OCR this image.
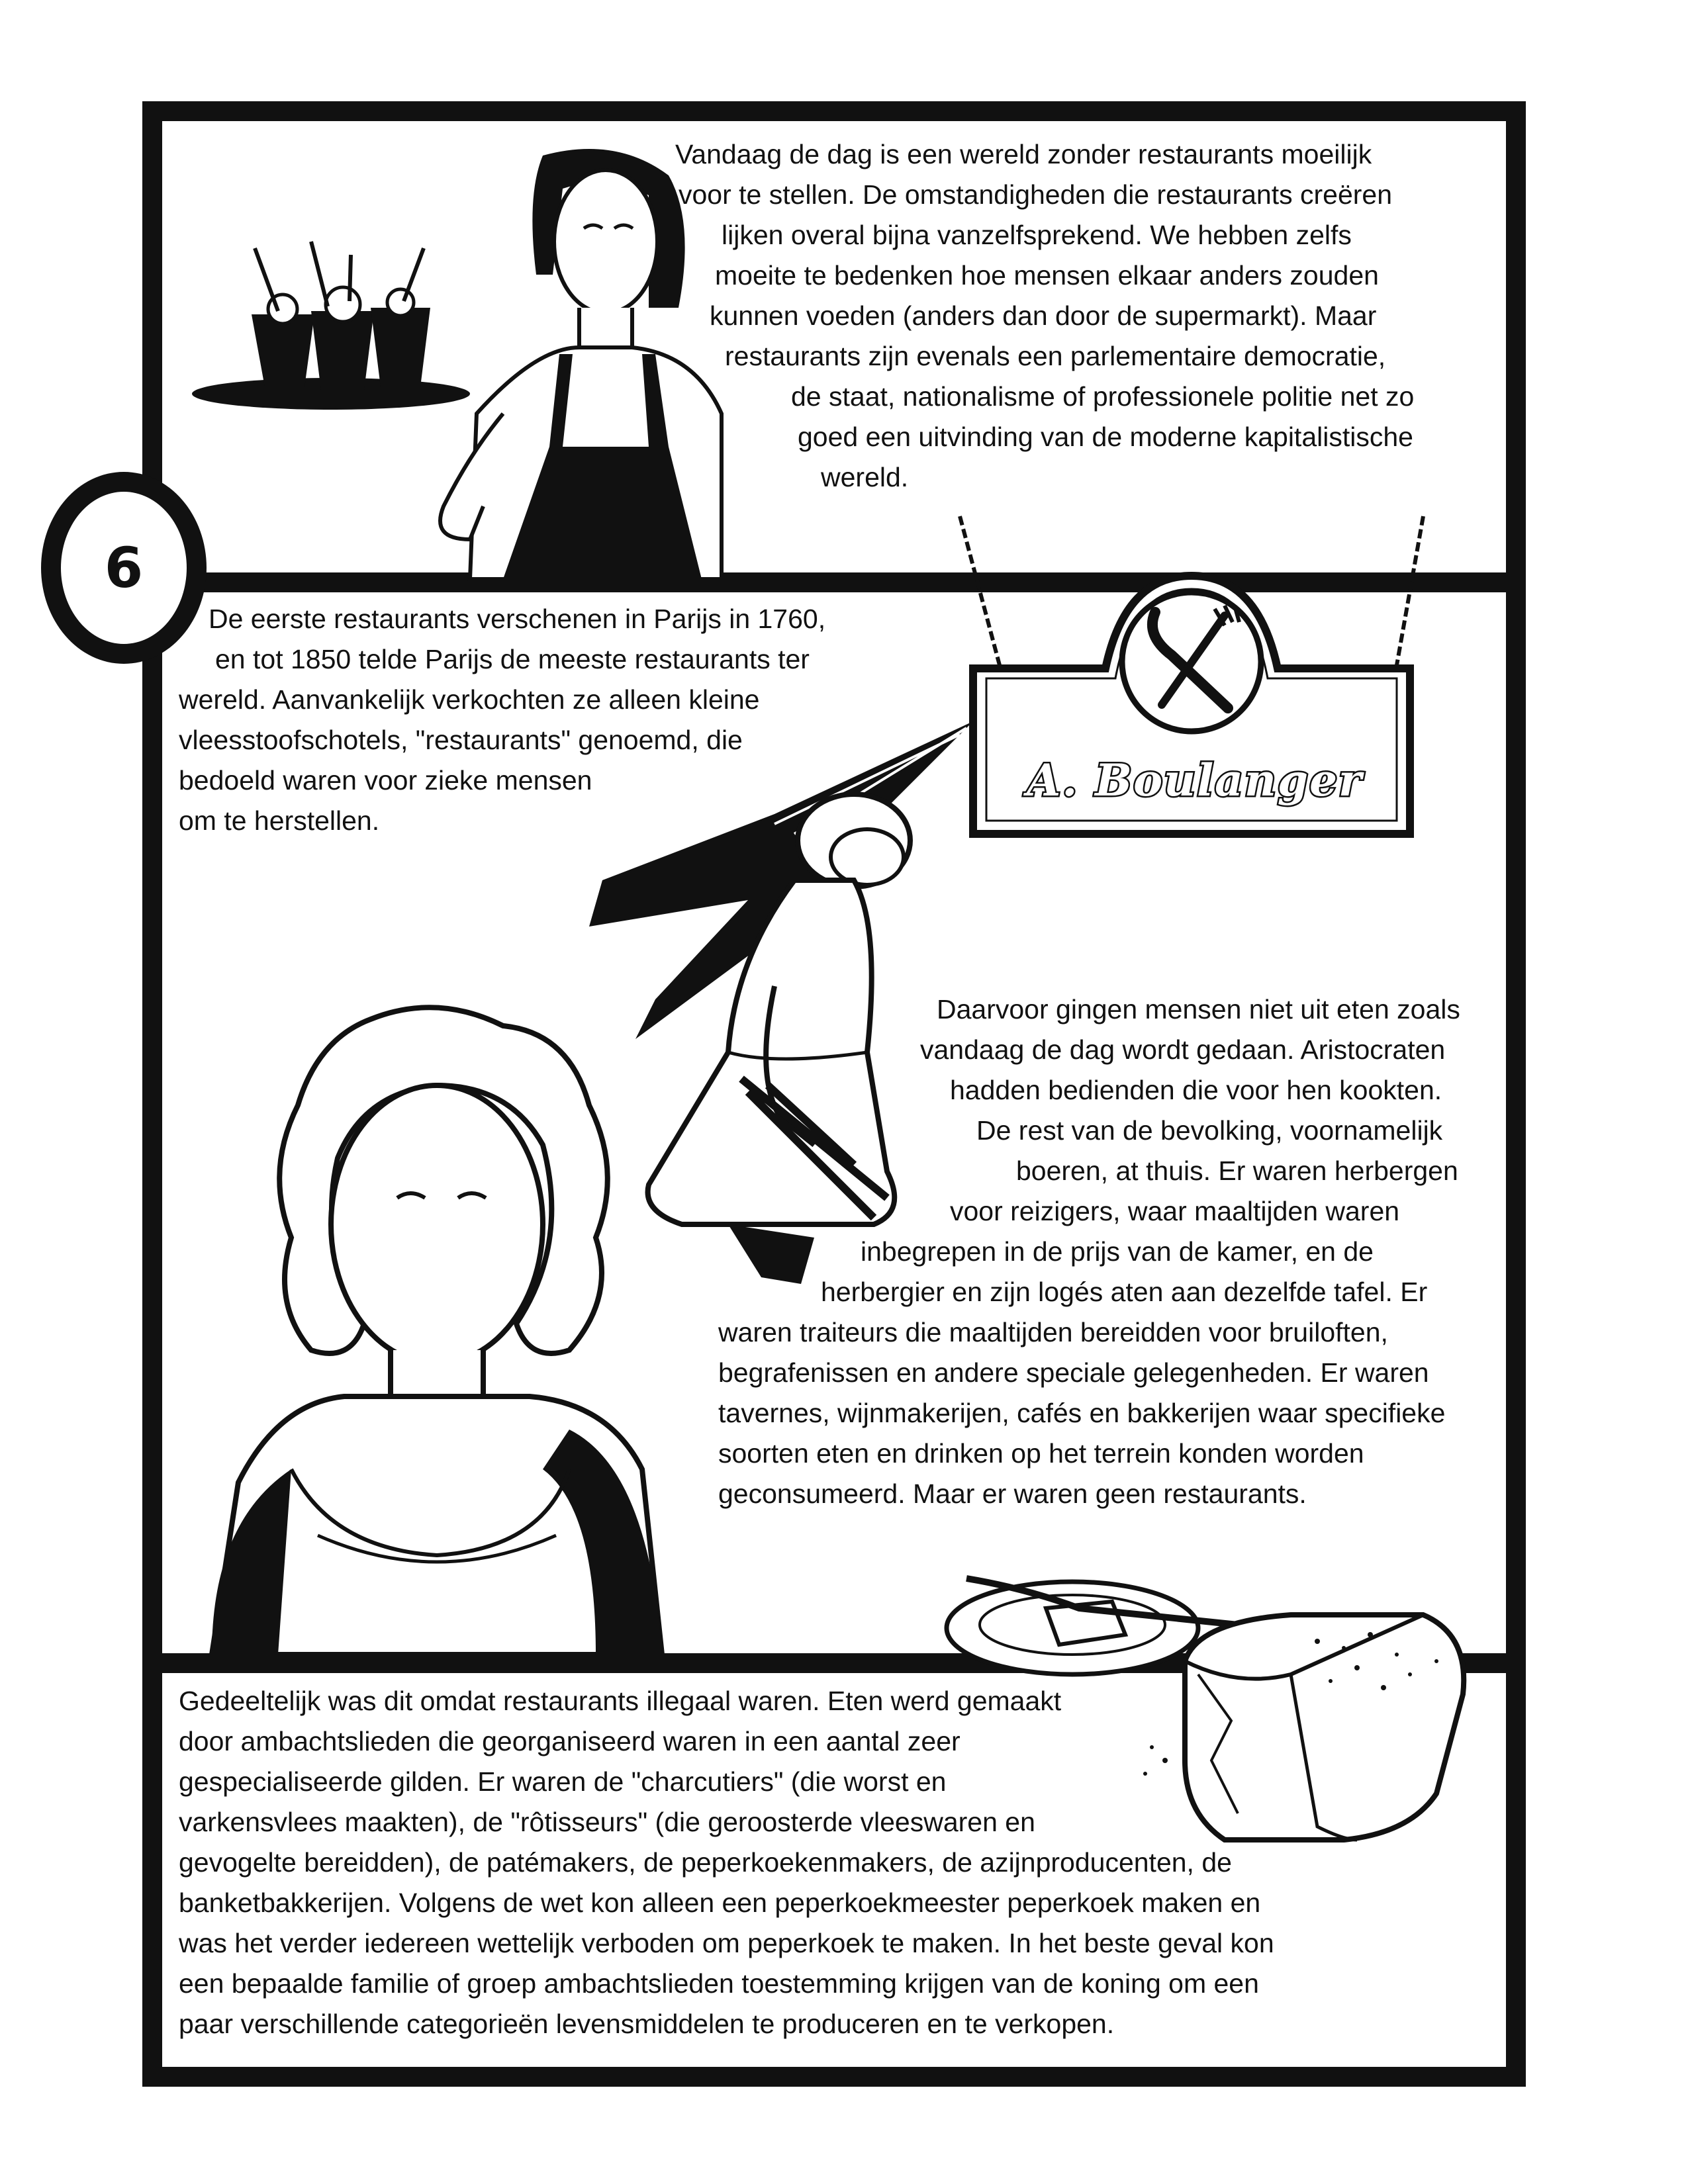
6
A. Boulanger

Vandaag de dag is een wereld zonder restaurants moeilijk

voor te stellen. De omstandigheden die restaurants creëren

lijken overal bijna vanzelfsprekend. We hebben zelfs

moeite te bedenken hoe mensen elkaar anders zouden

kunnen voeden (anders dan door de supermarkt). Maar

restaurants zijn evenals een parlementaire democratie,

de staat, nationalisme of professionele politie net zo

goed een uitvinding van de moderne kapitalistische

wereld.

De eerste restaurants verschenen in Parijs in 1760,

en tot 1850 telde Parijs de meeste restaurants ter

wereld. Aanvankelijk verkochten ze alleen kleine

vleesstoofschotels, "restaurants" genoemd, die

bedoeld waren voor zieke mensen

om te herstellen.

Daarvoor gingen mensen niet uit eten zoals

vandaag de dag wordt gedaan. Aristocraten

hadden bedienden die voor hen kookten.

De rest van de bevolking, voornamelijk

boeren, at thuis. Er waren herbergen

voor reizigers, waar maaltijden waren

inbegrepen in de prijs van de kamer, en de

herbergier en zijn logés aten aan dezelfde tafel. Er

waren traiteurs die maaltijden bereidden voor bruiloften,

begrafenissen en andere speciale gelegenheden. Er waren

tavernes, wijnmakerijen, cafés en bakkerijen waar specifieke

soorten eten en drinken op het terrein konden worden

geconsumeerd. Maar er waren geen restaurants.

Gedeeltelijk was dit omdat restaurants illegaal waren. Eten werd gemaakt

door ambachtslieden die georganiseerd waren in een aantal zeer

gespecialiseerde gilden. Er waren de "charcutiers" (die worst en

varkensvlees maakten), de "rôtisseurs" (die geroosterde vleeswaren en

gevogelte bereidden), de patémakers, de peperkoekenmakers, de azijnproducenten, de

banketbakkerijen. Volgens de wet kon alleen een peperkoekmeester peperkoek maken en

was het verder iedereen wettelijk verboden om peperkoek te maken. In het beste geval kon

een bepaalde familie of groep ambachtslieden toestemming krijgen van de koning om een

paar verschillende categorieën levensmiddelen te produceren en te verkopen.
